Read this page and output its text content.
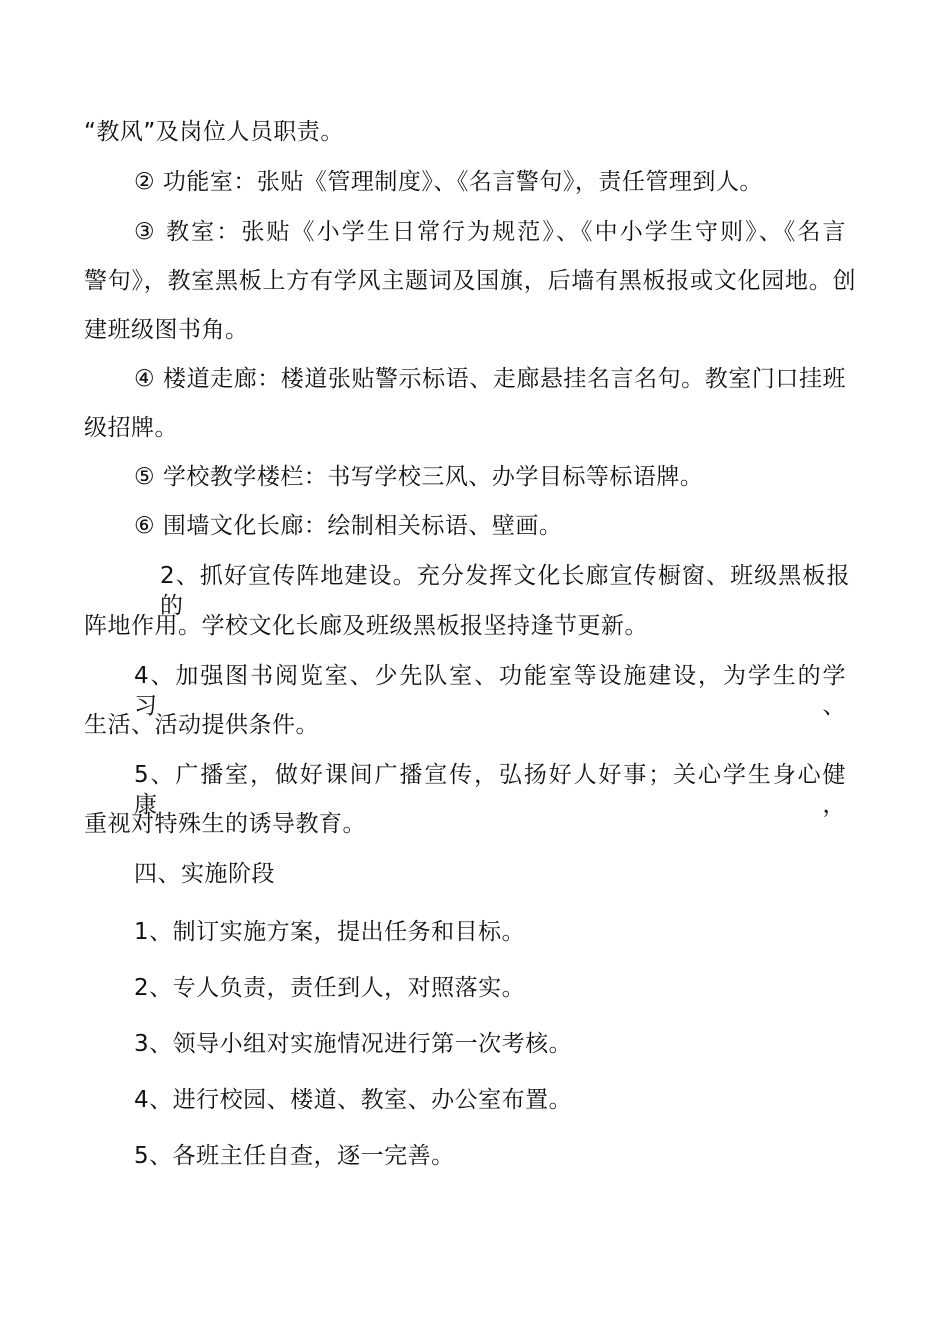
“教风”及岗位人员职责。
② 功能室：张贴《管理制度》、《名言警句》，责任管理到人。
③ 教室：张贴《小学生日常行为规范》、《中小学生守则》、《名言
警句》，教室黑板上方有学风主题词及国旗，后墙有黑板报或文化园地。创
建班级图书角。
④ 楼道走廊：楼道张贴警示标语、走廊悬挂名言名句。教室门口挂班
级招牌。
⑤ 学校教学楼栏：书写学校三风、办学目标等标语牌。
⑥ 围墙文化长廊：绘制相关标语、壁画。
2、抓好宣传阵地建设。充分发挥文化长廊宣传橱窗、班级黑板报的
阵地作用。学校文化长廊及班级黑板报坚持逢节更新。
4、加强图书阅览室、少先队室、功能室等设施建设，为学生的学习、
生活、活动提供条件。
5、广播室，做好课间广播宣传，弘扬好人好事；关心学生身心健康，
重视对特殊生的诱导教育。
四、实施阶段
1、制订实施方案，提出任务和目标。
2、专人负责，责任到人，对照落实。
3、领导小组对实施情况进行第一次考核。
4、进行校园、楼道、教室、办公室布置。
5、各班主任自查，逐一完善。
